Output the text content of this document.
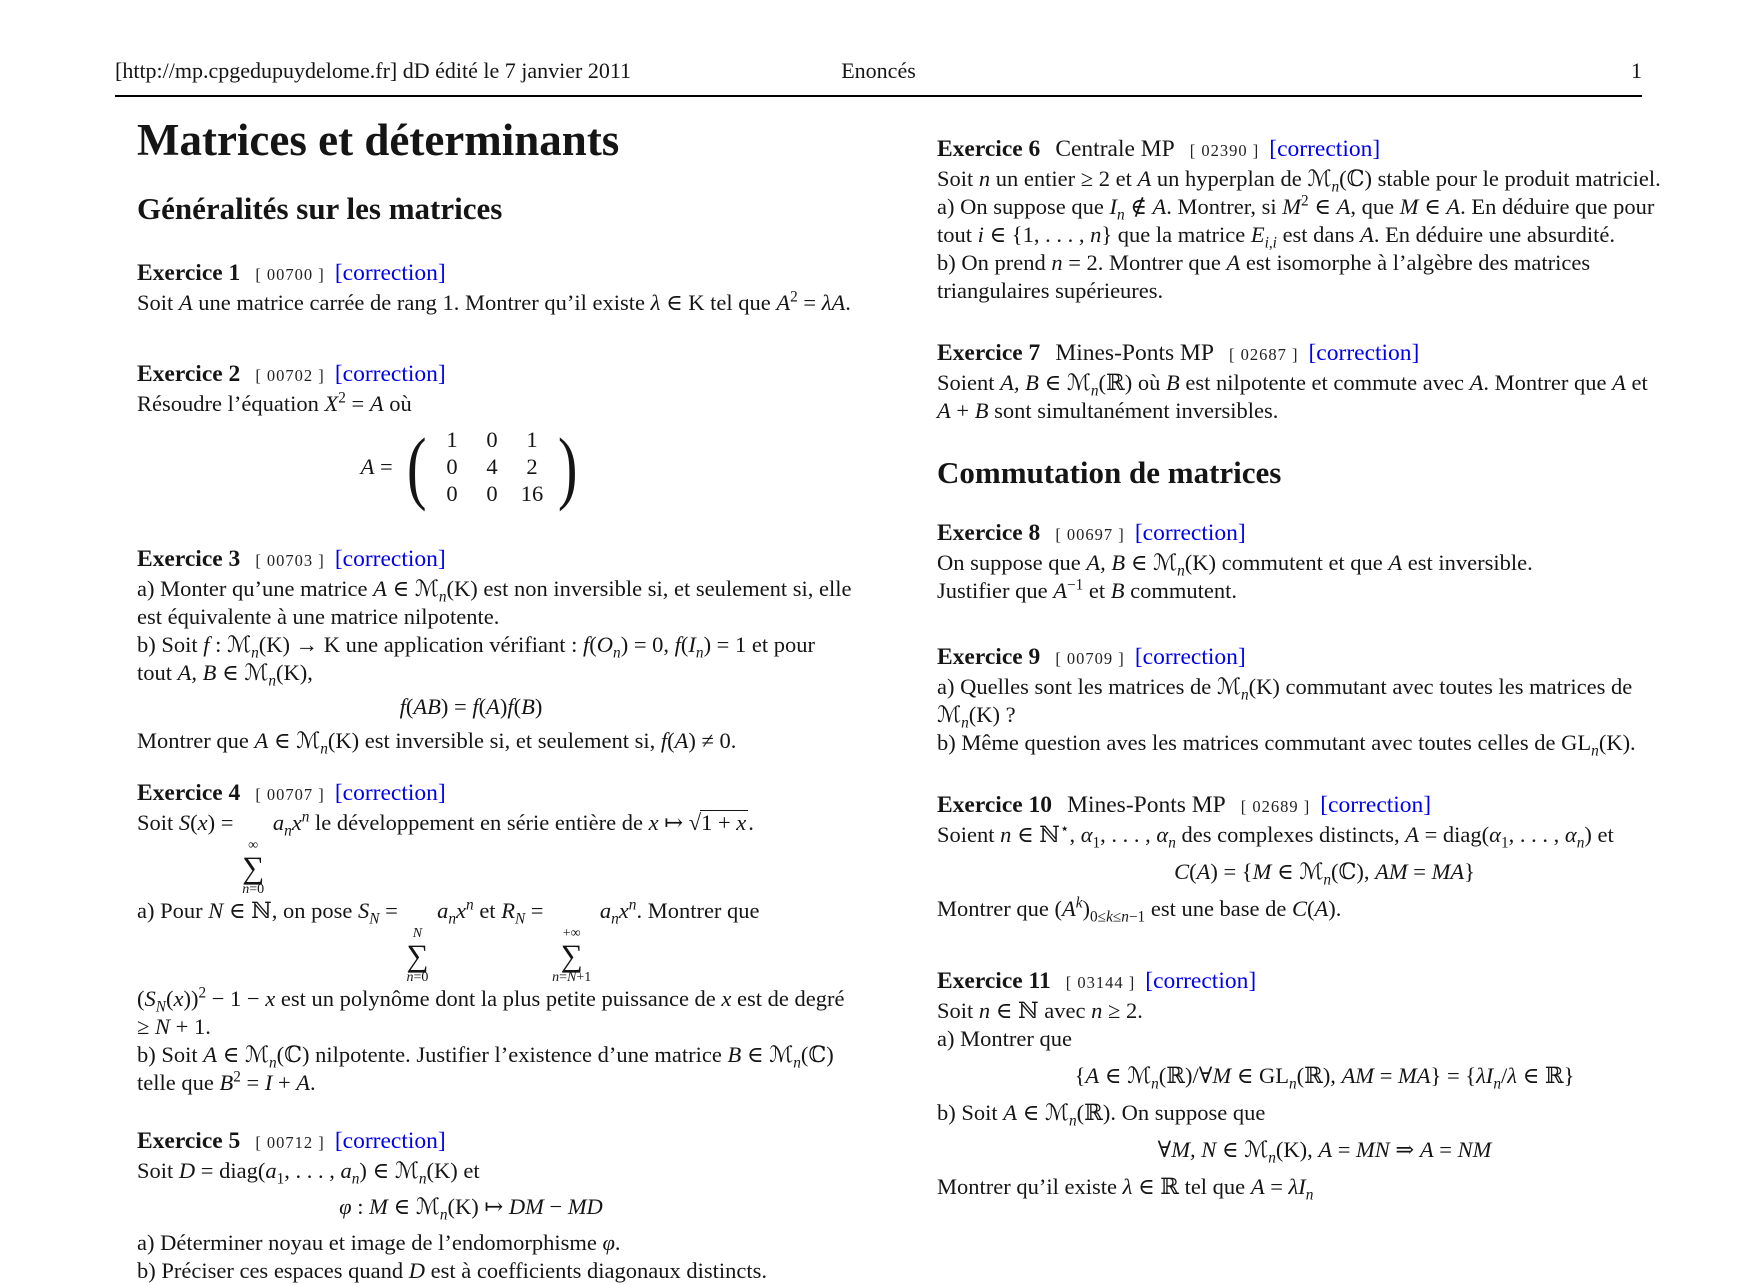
[http://mp.cpgedupuydelome.fr] dD édité le 7 janvier 2011	Enoncés	1
Matrices et déterminants
Généralités sur les matrices

Exercice 1 [ 00700 ] [correction]

Soit A une matrice carrée de rang 1. Montrer qu’il existe λ ∈ K tel que $A^2 = \lambda A$.

Exercice 2 [ 00702 ] [correction]

Résoudre l’équation $X^2 = A$ où

A = ( 1	0	1
0	4	2
0	0	16 )

Exercice 3 [ 00703 ] [correction]

a) Monter qu’une matrice A ∈ ℳ$_n$(K) est non inversible si, et seulement si, elle

est équivalente à une matrice nilpotente.

b) Soit f : ℳ$_n$(K) → K une application vérifiant : $f(O_n) = 0$, $f(I_n) = 1$ et pour

tout A, B ∈ ℳ$_n$(K),

f(AB) = f(A)f(B)

Montrer que A ∈ ℳ$_n$(K) est inversible si, et seulement si, f(A) ≠ 0.

Exercice 4 [ 00707 ] [correction]

Soit S(x) =
∞
∑
n=0
$a_nx^n$ le développement en série entière de x ↦ √1 + x.

a) Pour N ∈ ℕ, on pose $S_N$ =
N
∑
n=0
$a_nx^n$ et $R_N$ =
+∞
∑
n=N+1
$a_nx^n$. Montrer que

$(S_N(x))^2 - 1 - x$ est un polynôme dont la plus petite puissance de x est de degré

≥ N + 1.

b) Soit A ∈ ℳ$_n$(ℂ) nilpotente. Justifier l’existence d’une matrice B ∈ ℳ$_n$(ℂ)

telle que $B^2 = I + A$.

Exercice 5 [ 00712 ] [correction]

Soit $D = diag(a_1$, . . . , $a_n$) ∈ ℳ$_n$(K) et

φ : M ∈ ℳ$_n$(K) ↦ DM − MD

a) Déterminer noyau et image de l’endomorphisme φ.

b) Préciser ces espaces quand D est à coefficients diagonaux distincts.

Exercice 6 Centrale MP [ 02390 ] [correction]

Soit n un entier ≥ 2 et A un hyperplan de ℳ$_n$(ℂ) stable pour le produit matriciel.

a) On suppose que $I_n$ ∉ A. Montrer, si $M^2$ ∈ A, que M ∈ A. En déduire que pour

tout i ∈ {1, . . . , n} que la matrice $E_{i,i}$ est dans A. En déduire une absurdité.

b) On prend n = 2. Montrer que A est isomorphe à l’algèbre des matrices

triangulaires supérieures.

Exercice 7 Mines-Ponts MP [ 02687 ] [correction]

Soient A, B ∈ ℳ$_n$(ℝ) où B est nilpotente et commute avec A. Montrer que A et

A + B sont simultanément inversibles.

Commutation de matrices

Exercice 8 [ 00697 ] [correction]

On suppose que A, B ∈ ℳ$_n$(K) commutent et que A est inversible.

Justifier que $A^{-1}$ et B commutent.

Exercice 9 [ 00709 ] [correction]

a) Quelles sont les matrices de ℳ$_n$(K) commutant avec toutes les matrices de

ℳ$_n$(K) ?

b) Même question aves les matrices commutant avec toutes celles de $GL_n(K)$.

Exercice 10 Mines-Ponts MP [ 02689 ] [correction]

Soient n ∈ ℕ⋆, $\alpha_1$, . . . , $\alpha_n$ des complexes distincts, $A = diag(\alpha_1$, . . . , $\alpha_n$) et

C(A) = {M ∈ ℳ$_n$(ℂ), AM = MA}

Montrer que $(A^k)_{0\le k\le n-1}$ est une base de C(A).

Exercice 11 [ 03144 ] [correction]

Soit n ∈ ℕ avec n ≥ 2.

a) Montrer que

{A ∈ ℳ$_n$(ℝ)/∀M ∈ $GL_n(ℝ)$, AM = $MA\} = \{\lambda I_n/\lambda$ ∈ ℝ}

b) Soit A ∈ ℳ$_n$(ℝ). On suppose que

∀M, N ∈ ℳ$_n$(K), A = MN ⇒ A = NM

Montrer qu’il existe λ ∈ ℝ tel que $A = \lambda I_n$
